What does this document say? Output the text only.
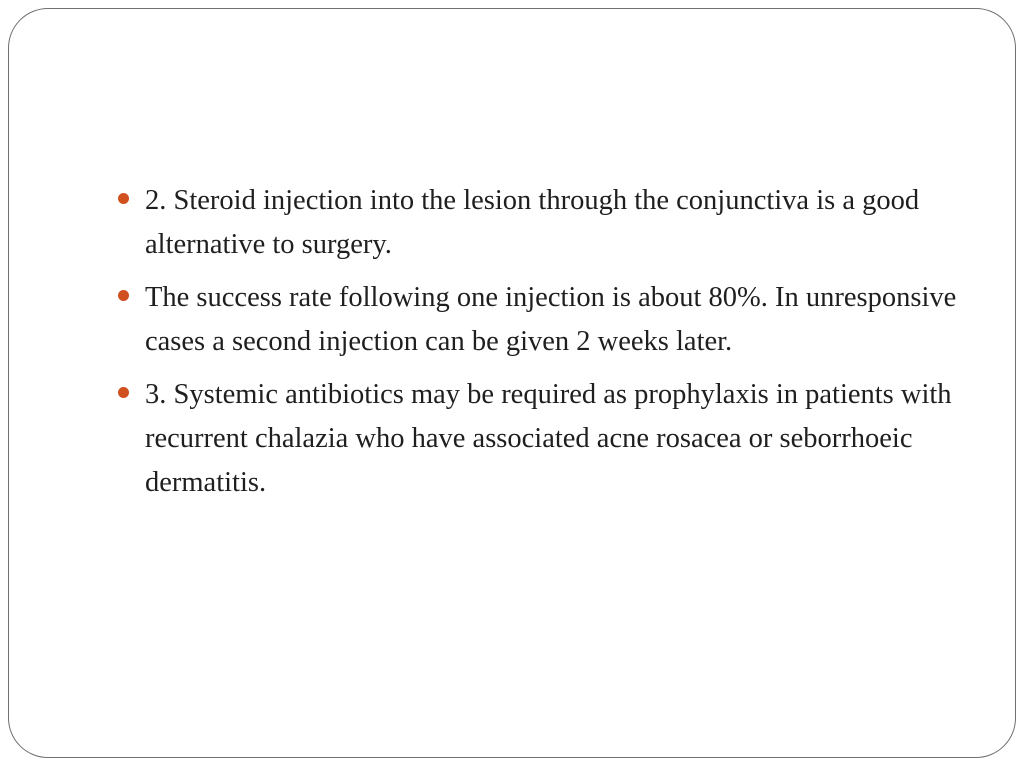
2. Steroid injection into the lesion through the conjunctiva is a good alternative to surgery.
The success rate following one injection is about 80%. In unresponsive cases a second injection can be given 2 weeks later.
3. Systemic antibiotics may be required as prophylaxis in patients with recurrent chalazia who have associated acne rosacea or seborrhoeic dermatitis.
